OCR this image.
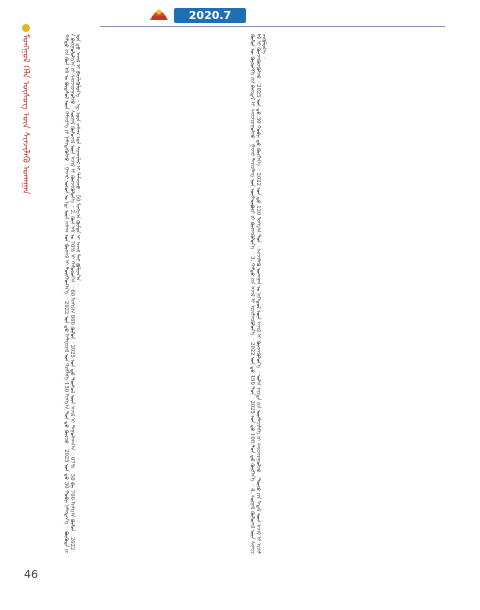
2020.7
ᠮᠣᠩᠭᠣᠯ ᠬᠡᠯᠡ ᠦᠰᠦᠭ ᠦᠨ ᠰᠢᠨᠵᠢᠯᠡᠬᠦ ᠤᠬᠠᠭᠠᠨ	ᠬᠠᠮᠲᠤ ᠶᠢᠨ ᠬᠦᠨ ᠠᠮ ᠤ ᠬᠦᠳᠡᠯᠦᠯ ᠦᠨ ᠬᠡᠮᠵᠢᠶ᠎ᠡ ᠶᠢ ᠨᠡᠮᠡᠭᠳᠡᠭᠦᠯᠵᠦ ᠂ ᠭᠠᠵᠠᠷ ᠣᠷᠣᠨ ᠤ ᠡᠳ᠋ ᠦᠨ ᠵᠠᠰᠠᠭ ᠤᠨ ᠬᠥᠭᠵᠢᠯ ᠢ ᠲᠦᠷᠭᠡᠳᠬᠡᠨ᠎ᠡ ᠃ 2022 ᠣᠨ ᠳ᠋ᠤ ᠮᠠᠲ᠋ᠧᠷᠢᠶᠠᠯ ᠤᠨ ᠬᠡᠷᠡᠭᠯᠡᠭᠡ 150 ᠮᠢᠩᠭ᠎ᠠ ᠲᠣᠨ ᠳ᠋ᠤ ᠬᠦᠷᠴᠦ ᠂ 2025 ᠣᠨ ᠳ᠋ᠤ 30 ᠬᠤᠪᠢ ᠨᠡᠮᠡᠭᠳᠡᠨ᠎ᠡ ᠃ ᠪᠦᠭᠦᠳᠡ ᠶᠢᠨ ᠪᠠᠶᠢᠭᠤᠯᠤᠯᠭ᠎ᠠ ᠶᠢ ᠰᠠᠶᠢᠵᠢᠷᠠᠭᠤᠯᠵᠤ ᠂ ᠰᠤᠷᠭᠠᠯ ᠬᠥᠮᠦᠵᠢᠯ ᠦᠨ ᠠᠵᠢᠯ ᠢ ᠬᠥᠭᠵᠢᠭᠦᠯᠦᠨ᠎ᠡ ᠃ 2. ᠬᠦᠨ ᠠᠮ ᠤ 70% ᠢ ᠬᠠᠮᠤᠷᠤᠨ᠎ᠠ ᠃ 60 ᠮᠢᠩᠭ᠎ᠠ 800 ᠬᠦᠮᠦᠨ ᠂ 2025 ᠣᠨ ᠳ᠋ᠤ ᠲᠥᠰᠥᠯ ᠦᠨ ᠠᠵᠢᠯ ᠢ ᠳᠠᠭᠤᠰᠭᠠᠨ᠎ᠠ ᠃ 67% ᠂ 50 ᠪᠠ 700 ᠮᠢᠩᠭ᠎ᠠ ᠬᠦᠮᠦᠨ ᠂ 2022 ᠣᠨ ᠳ᠋ᠤ ᠠᠵᠢᠯ ᠢ ᠪᠡᠶᠡᠯᠡᠭᠦᠯᠦᠨ᠎ᠡ ᠃ ᠡᠳ᠋ ᠦᠨ ᠵᠠᠰᠠᠭ ᠤᠨ ᠰᠢᠨᠡᠴᠢᠯᠡᠯ ᠢ ᠳᠡᠮᠵᠢᠵᠦ ᠂ 50 ᠮᠢᠩᠭ᠎ᠠ ᠬᠦᠮᠦᠨ ᠢ ᠠᠵᠢᠯ ᠲᠠᠢ ᠪᠣᠯᠭᠠᠨ᠎ᠠ ᠃	ᠬᠦᠮᠦᠨ ᠦ ᠬᠥᠷᠥᠩᠭᠡ ᠶᠢᠨ ᠪᠠᠶᠢᠳᠠᠯ ᠢ ᠰᠠᠶᠢᠵᠢᠷᠠᠭᠤᠯᠵᠤ ᠂ ᠭᠠᠵᠠᠷ ᠲᠠᠷᠢᠶᠠᠯᠠᠩ ᠤᠨ ᠦᠢᠯᠡᠳᠪᠦᠷᠢ ᠶᠢ ᠬᠥᠭᠵᠢᠭᠦᠯᠦᠨ᠎ᠡ ᠃ 3. ᠬᠠᠮᠲᠤ ᠶᠢᠨ ᠠᠵᠢᠯ ᠢ ᠡᠷᠴᠢᠮᠵᠢᠭᠦᠯᠦᠨ᠎ᠡ ᠃ 2022 ᠣᠨ ᠳ᠋ᠤ 150 ᠲᠣᠨ ᠂ 2025 ᠣᠨ ᠳ᠋ᠤ 100 ᠲᠣᠨ ᠳ᠋ᠤ ᠬᠦᠷᠭᠡᠨ᠎ᠡ ᠃ 4. ᠰᠤᠷᠭᠠᠯ ᠬᠥᠮᠦᠵᠢᠯ ᠦᠨ ᠰᠢᠨᠡᠴᠢᠯᠡᠯ ᠢ ᠭᠦᠨᠵᠡᠭᠦᠷᠡᠭᠦᠯᠵᠦ ᠂ 2025 ᠣᠨ ᠳ᠋ᠤ 30 ᠬᠤᠪᠢ ᠳ᠋ᠤ ᠬᠦᠷᠭᠡᠨ᠎ᠡ ᠃ 2022 ᠣᠨ ᠳ᠋ᠤ 120 ᠮᠢᠩᠭ᠎ᠠ ᠲᠣᠨ ᠂ ᠰᠢᠨᠵᠢᠯᠡᠬᠦ ᠤᠬᠠᠭᠠᠨ ᠤ ᠨᠢᠭᠡᠳᠦᠯ ᠦᠨ ᠠᠵᠢᠯ ᠢ ᠬᠥᠭᠵᠢᠭᠦᠯᠦᠨ᠎ᠡ ᠃ ᠣᠯᠠᠨ ᠨᠡᠶᠢᠲᠡ ᠶᠢᠨ ᠦᠢᠯᠡᠴᠢᠯᠡᠭᠡ ᠶᠢ ᠰᠠᠶᠢᠵᠢᠷᠠᠭᠤᠯᠵᠤ ᠂ ᠲᠥᠷᠥ ᠶᠢᠨ ᠮᠡᠳᠡᠯ ᠦᠨ ᠠᠵᠢᠯ ᠢ ᠡᠷᠴᠢᠮᠵᠢᠭᠦᠯᠦᠨ᠎ᠡ ᠃
46
